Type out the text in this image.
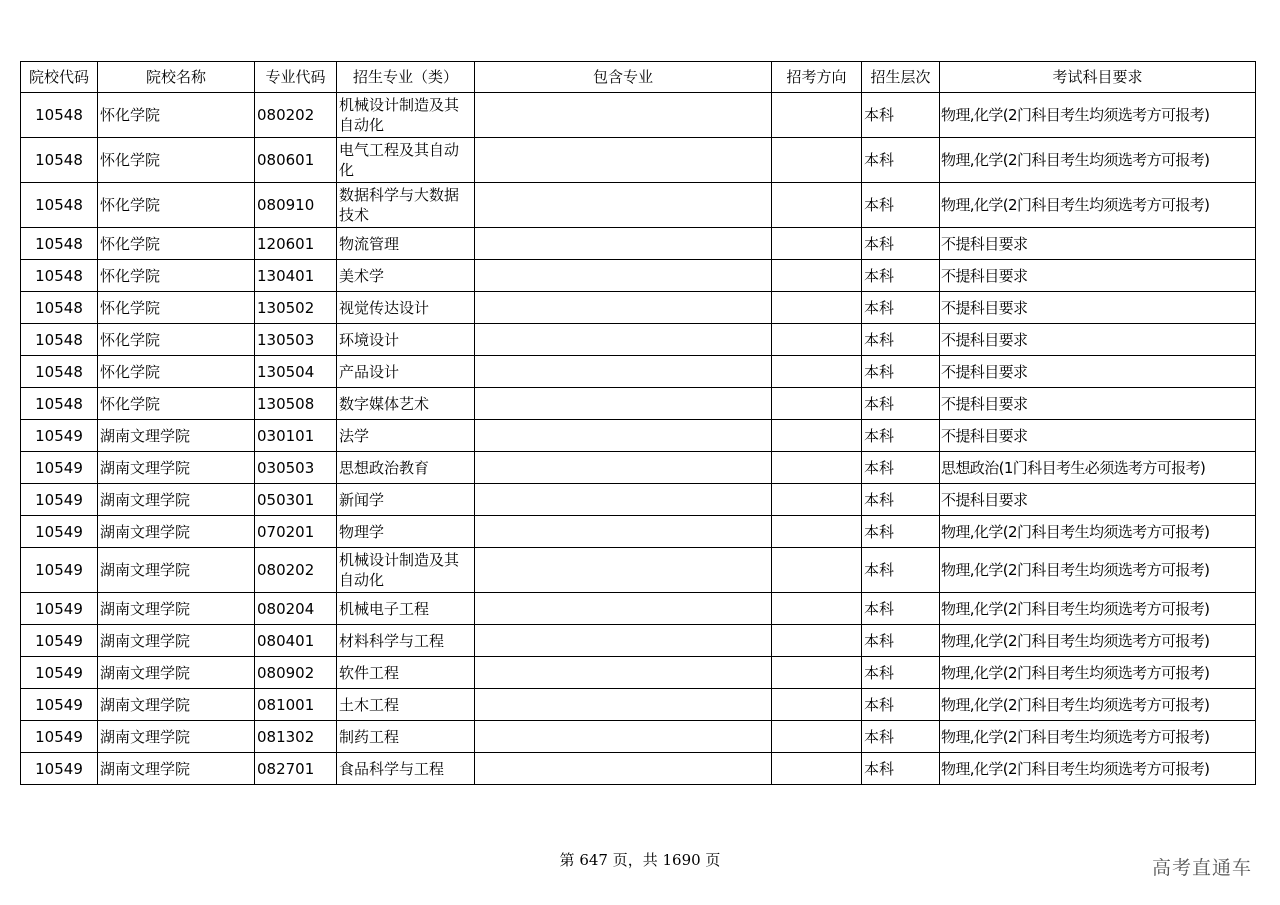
院校代码	院校名称	专业代码	招生专业（类）	包含专业	招考方向	招生层次	考试科目要求
10548	怀化学院	080202	机械设计制造及其自动化			本科	物理,化学(2门科目考生均须选考方可报考)
10548	怀化学院	080601	电气工程及其自动化			本科	物理,化学(2门科目考生均须选考方可报考)
10548	怀化学院	080910	数据科学与大数据技术			本科	物理,化学(2门科目考生均须选考方可报考)
10548	怀化学院	120601	物流管理			本科	不提科目要求
10548	怀化学院	130401	美术学			本科	不提科目要求
10548	怀化学院	130502	视觉传达设计			本科	不提科目要求
10548	怀化学院	130503	环境设计			本科	不提科目要求
10548	怀化学院	130504	产品设计			本科	不提科目要求
10548	怀化学院	130508	数字媒体艺术			本科	不提科目要求
10549	湖南文理学院	030101	法学			本科	不提科目要求
10549	湖南文理学院	030503	思想政治教育			本科	思想政治(1门科目考生必须选考方可报考)
10549	湖南文理学院	050301	新闻学			本科	不提科目要求
10549	湖南文理学院	070201	物理学			本科	物理,化学(2门科目考生均须选考方可报考)
10549	湖南文理学院	080202	机械设计制造及其自动化			本科	物理,化学(2门科目考生均须选考方可报考)
10549	湖南文理学院	080204	机械电子工程			本科	物理,化学(2门科目考生均须选考方可报考)
10549	湖南文理学院	080401	材料科学与工程			本科	物理,化学(2门科目考生均须选考方可报考)
10549	湖南文理学院	080902	软件工程			本科	物理,化学(2门科目考生均须选考方可报考)
10549	湖南文理学院	081001	土木工程			本科	物理,化学(2门科目考生均须选考方可报考)
10549	湖南文理学院	081302	制药工程			本科	物理,化学(2门科目考生均须选考方可报考)
10549	湖南文理学院	082701	食品科学与工程			本科	物理,化学(2门科目考生均须选考方可报考)
第 647 页，共 1690 页	高考直通车
